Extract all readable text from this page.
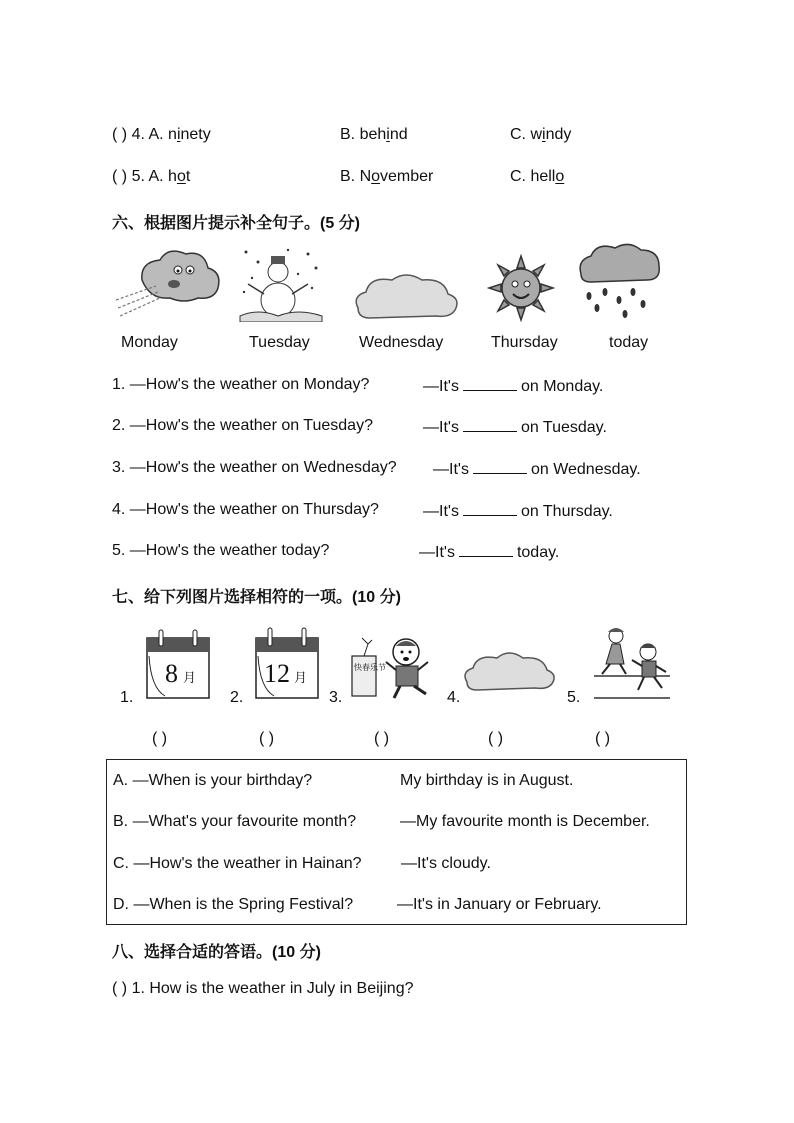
( ) 4. A. ninety	B. behind	C. windy
( ) 5. A. hot	B. November	C. hello
六、根据图片提示补全句子。(5 分)
Monday	Tuesday	Wednesday	Thursday	today
1. —How's the weather on Monday?	—It's	on Monday.
2. —How's the weather on Tuesday?	—It's	on Tuesday.
3. —How's the weather on Wednesday? —It's	on Wednesday.
4. —How's the weather on Thursday?	—It's	on Thursday.
5. —How's the weather today?	—It's	today.
七、给下列图片选择相符的一项。(10 分)
1.	2.	3.	4.	5.
8 月	12 月
快春乐节
( )	( )	( )	( )	( )
A. —When is your birthday?	My birthday is in August.
B. —What's your favourite month?	—My favourite month is December.
C. —How's the weather in Hainan? —It's cloudy.
D. —When is the Spring Festival?	—It's in January or February.
八、选择合适的答语。(10 分)
( ) 1. How is the weather in July in Beijing?
